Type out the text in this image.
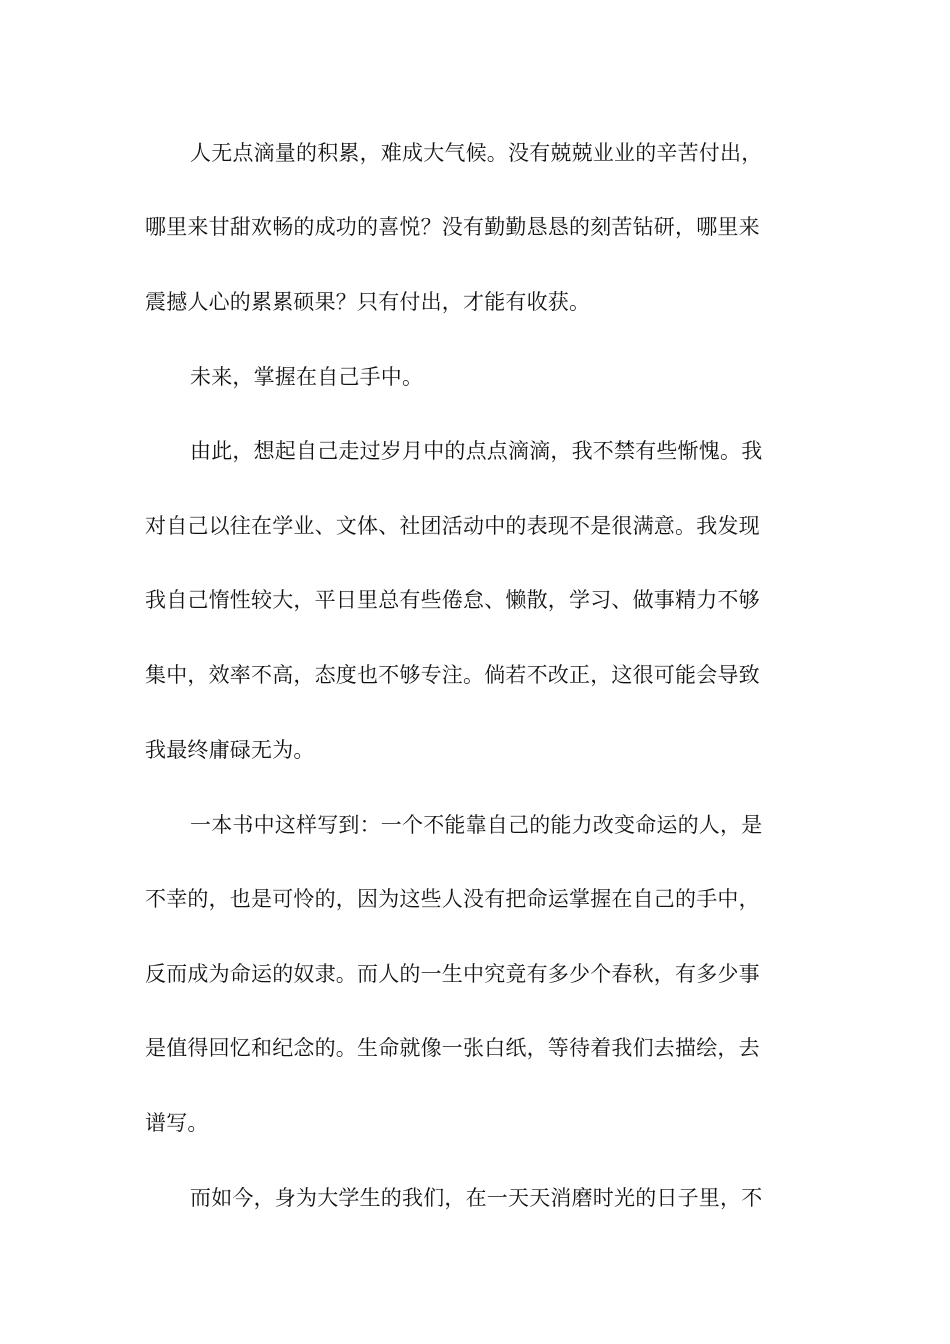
人无点滴量的积累，难成大气候。没有兢兢业业的辛苦付出，
哪里来甘甜欢畅的成功的喜悦？没有勤勤恳恳的刻苦钻研，哪里来
震撼人心的累累硕果？只有付出，才能有收获。
未来，掌握在自己手中。
由此，想起自己走过岁月中的点点滴滴，我不禁有些惭愧。我
对自己以往在学业、文体、社团活动中的表现不是很满意。我发现
我自己惰性较大，平日里总有些倦怠、懒散，学习、做事精力不够
集中，效率不高，态度也不够专注。倘若不改正，这很可能会导致
我最终庸碌无为。
一本书中这样写到：一个不能靠自己的能力改变命运的人，是
不幸的，也是可怜的，因为这些人没有把命运掌握在自己的手中，
反而成为命运的奴隶。而人的一生中究竟有多少个春秋，有多少事
是值得回忆和纪念的。生命就像一张白纸，等待着我们去描绘，去
谱写。
而如今，身为大学生的我们，在一天天消磨时光的日子里，不
